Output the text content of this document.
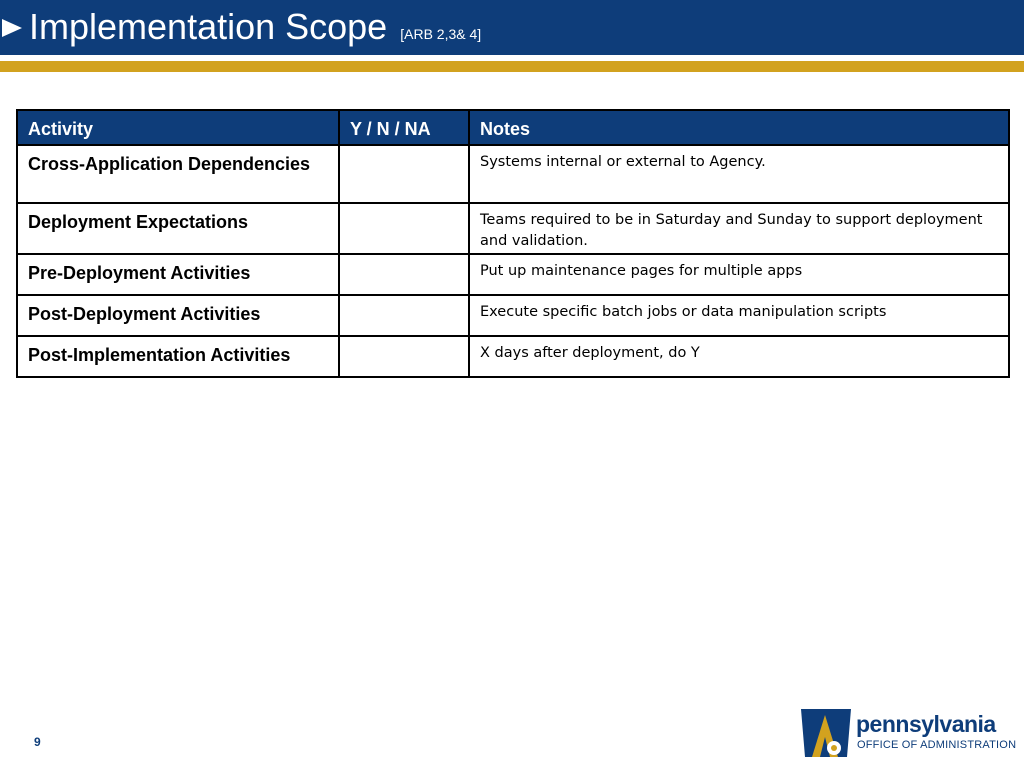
Implementation Scope [ARB 2,3& 4]
Activity	Y / N / NA	Notes
Cross-Application Dependencies		Systems internal or external to Agency.
Deployment Expectations		Teams required to be in Saturday and Sunday to support deployment and validation.
Pre-Deployment Activities		Put up maintenance pages for multiple apps
Post-Deployment Activities		Execute specific batch jobs or data manipulation scripts
Post-Implementation Activities		X days after deployment, do Y
9
pennsylvania
OFFICE OF ADMINISTRATION
